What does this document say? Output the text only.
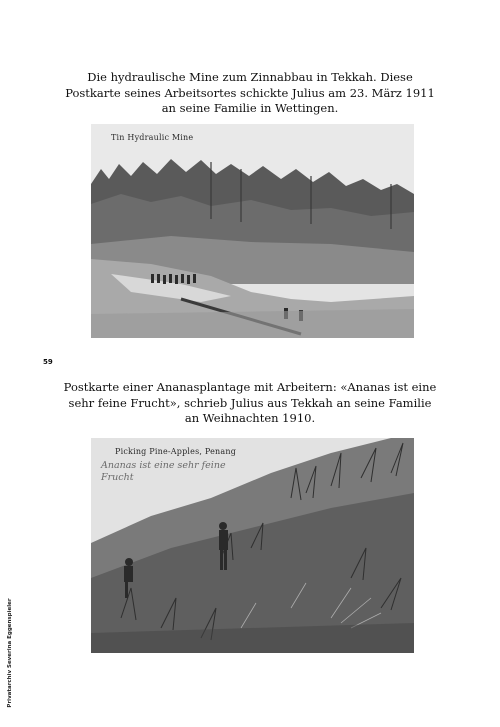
Die hydraulische Mine zum Zinnabbau in Tekkah. Diese Postkarte seines Arbeitsortes schickte Julius am 23. März 1911 an seine Familie in Wettingen.

Tin Hydraulic Mine
59

Postkarte einer Ananasplantage mit Arbeitern: «Ananas ist eine sehr feine Frucht», schrieb Julius aus Tekkah an seine Familie an Weihnachten 1910.

Picking Pine-Apples, Penang
Ananas ist eine sehr feine Frucht
Privatarchiv Severina Eggenspieler
